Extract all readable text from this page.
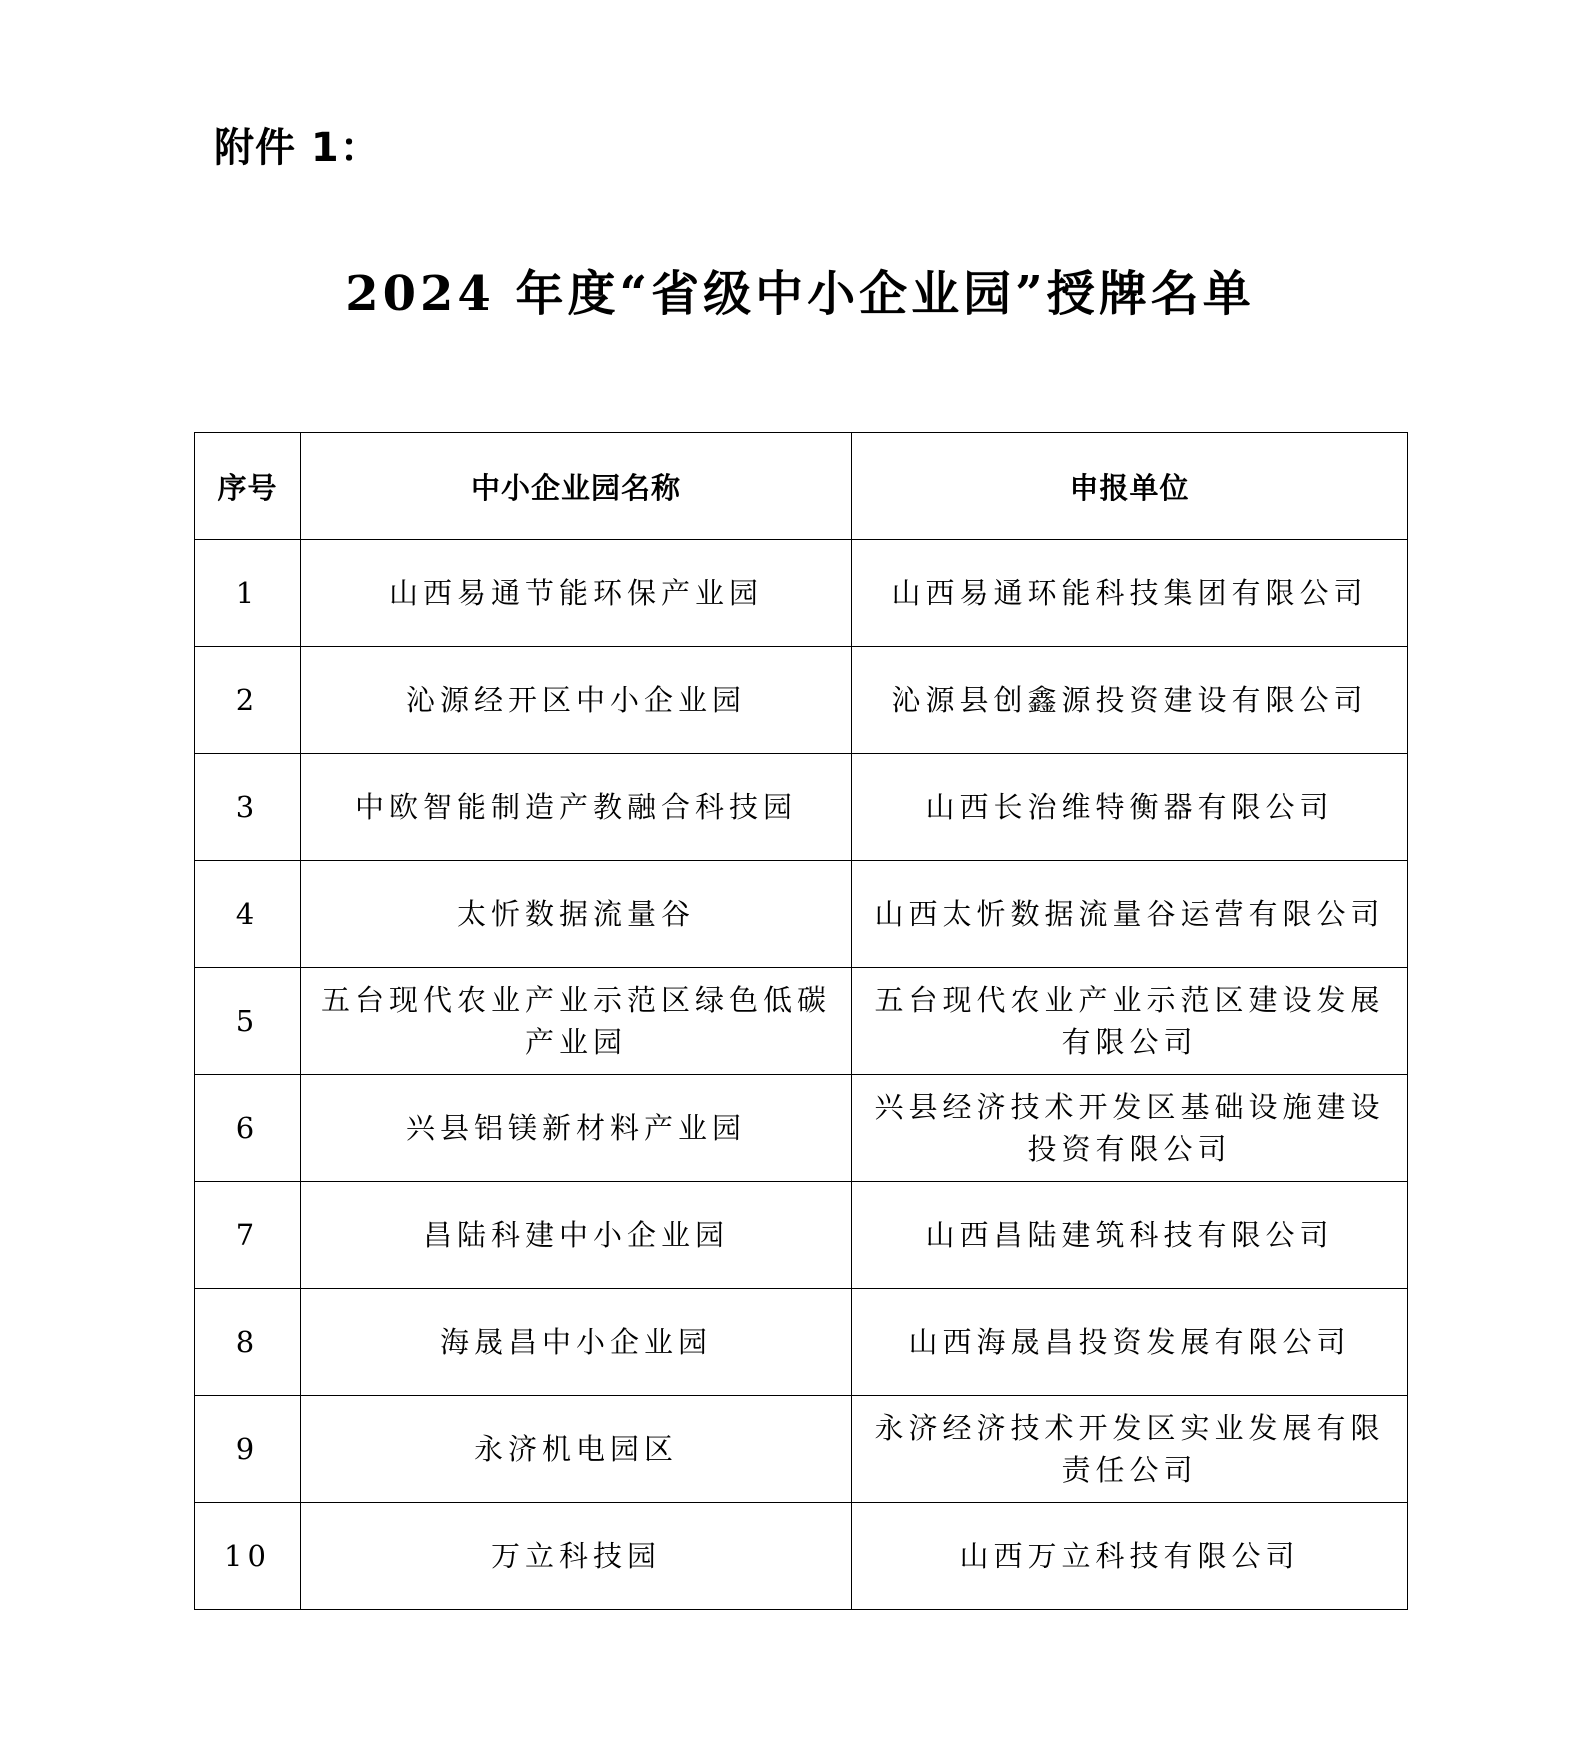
附件 1：
2024 年度“省级中小企业园”授牌名单
序号	中小企业园名称	申报单位
1	山西易通节能环保产业园	山西易通环能科技集团有限公司
2	沁源经开区中小企业园	沁源县创鑫源投资建设有限公司
3	中欧智能制造产教融合科技园	山西长治维特衡器有限公司
4	太忻数据流量谷	山西太忻数据流量谷运营有限公司
5	五台现代农业产业示范区绿色低碳产业园	五台现代农业产业示范区建设发展有限公司
6	兴县铝镁新材料产业园	兴县经济技术开发区基础设施建设投资有限公司
7	昌陆科建中小企业园	山西昌陆建筑科技有限公司
8	海晟昌中小企业园	山西海晟昌投资发展有限公司
9	永济机电园区	永济经济技术开发区实业发展有限责任公司
10	万立科技园	山西万立科技有限公司
